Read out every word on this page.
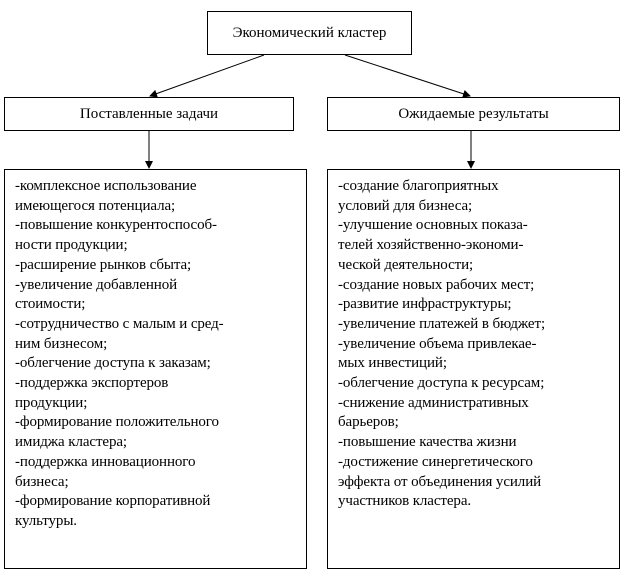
Экономический кластер
Поставленные задачи	Ожидаемые результаты
-комплексное использование
имеющегося потенциала;
-повышение конкурентоспособ-
ности продукции;
-расширение рынков сбыта;
-увеличение добавленной
стоимости;
-сотрудничество с малым и сред-
ним бизнесом;
-облегчение доступа к заказам;
-поддержка экспортеров
продукции;
-формирование положительного
имиджа кластера;
-поддержка инновационного
бизнеса;
-формирование корпоративной
культуры.
-создание благоприятных
условий для бизнеса;
-улучшение основных показа-
телей хозяйственно-экономи-
ческой деятельности;
-создание новых рабочих мест;
-развитие инфраструктуры;
-увеличение платежей в бюджет;
-увеличение объема привлекае-
мых инвестиций;
-облегчение доступа к ресурсам;
-снижение административных
барьеров;
-повышение качества жизни
-достижение синергетического
эффекта от объединения усилий
участников кластера.
